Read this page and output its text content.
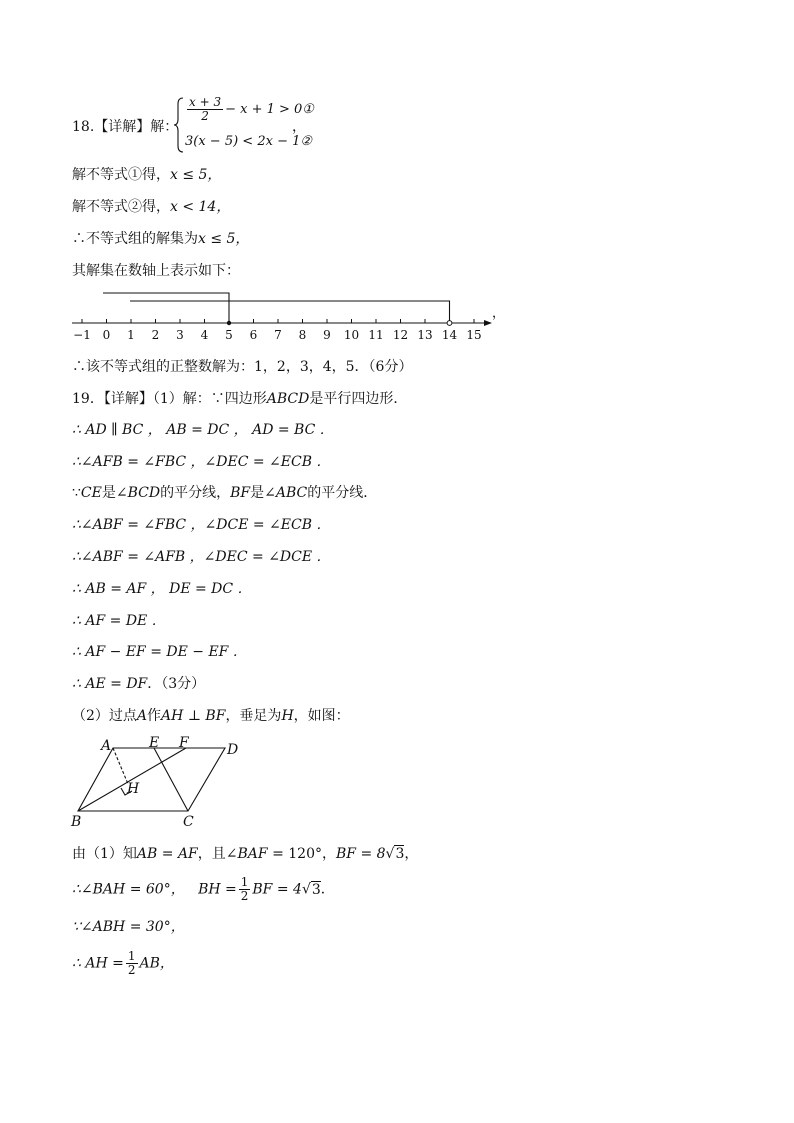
18.【详解】解：
$\frac{x + 3}{2} - x + 1$ > 0①
3(x − 5) < 2x − 1②
，
解不等式①得，x ≤ 5，
解不等式②得，x < 14，
∴不等式组的解集为x ≤ 5，
其解集在数轴上表示如下：
−1 0 1 2 3 4 5 6 7 8 9 10 11 12 13 14 15
，
∴该不等式组的正整数解为：1，2，3，4，5．（6分）
19．【详解】（1）解：∵四边形ABCD是平行四边形．
∴ AD ∥ BC ， AB = DC ， AD = BC ．
∴∠AFB = ∠FBC ，∠DEC = ∠ECB ．
∵CE是∠BCD的平分线，BF是∠ABC的平分线．
∴∠ABF = ∠FBC ，∠DCE = ∠ECB ．
∴∠ABF = ∠AFB ，∠DEC = ∠DCE ．
∴ AB = AF ， DE = DC ．
∴ AF = DE ．
∴ AF − EF = DE − EF ．
∴ AE = DF．（3分）
（2）过点A作AH ⊥ BF，垂足为H，如图：
A	E F	D
H
B	C
由（1）知AB = AF，且∠BAF = 120°，BF = 8√3，
∴∠BAH = 60°， BH = $\frac{1}{2}$ BF = 4√3．
∵∠ABH = 30°，
∴ AH = $\frac{1}{2}$ AB，
